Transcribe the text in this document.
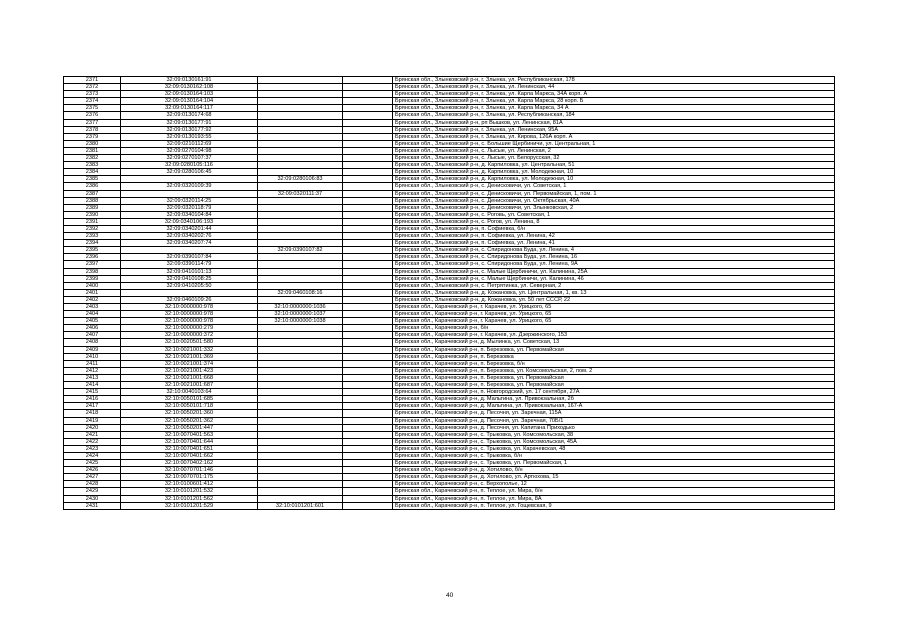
2371	32:09:0130161:91			Брянская обл., Злынковский р-н, г. Злынка, ул. Республиканская, 178
2372	32:09:0130162:108			Брянская обл., Злынковский р-н, г. Злынка, ул. Ленинская, 44
2373	32:09:0130164:103			Брянская обл., Злынковский р-н, г. Злынка, ул. Карла Маркса, 34А корп. А
2374	32:09:0130164:104			Брянская обл., Злынковский р-н, г. Злынка, ул. Карла Маркса, 28 корп. Б
2375	32:09:0130164:117			Брянская обл., Злынковский р-н, г. Злынка, ул. Карла Маркса, 34 А
2376	32:09:0130174:68			Брянская обл., Злынковский р-н, г. Злынка, ул. Республиканская, 184
2377	32:09:0130177:91			Брянская обл., Злынковский р-н, рп Вышков, ул. Ленинская, 81А
2378	32:09:0130177:92			Брянская обл., Злынковский р-н, г. Злынка, ул. Ленинская, 95А
2379	32:09:0130193:55			Брянская обл., Злынковский р-н, г. Злынка, ул. Кирова, 126А корп. А
2380	32:09:0210112:69			Брянская обл., Злынковский р-н, с. Большие Щербиничи, ул. Центральная, 1
2381	32:09:0270104:98			Брянская обл., Злынковский р-н, с. Лысые, ул. Ленинская, 2
2382	32:09:0270107:37			Брянская обл., Злынковский р-н, с. Лысые, ул. Белорусская, 32
2383	32:09:0280105:116			Брянская обл., Злынковский р-н, д. Карпиловка, ул. Центральная, 51
2384	32:09:0280106:45			Брянская обл., Злынковский р-н, д. Карпиловка, ул. Молодежная, 10
2385		32:09:0280106:83		Брянская обл., Злынковский р-н, д. Карпиловка, ул. Молодежная, 10
2386	32:09:0320109:39			Брянская обл., Злынковский р-н, с. Денисковичи, ул. Советская, 1
2387		32:09:0320111:37		Брянская обл., Злынковский р-н, с. Денисковичи, ул. Первомайская, 1, пом. 1
2388	32:09:0320114:25			Брянская обл., Злынковский р-н, с. Денисковичи, ул. Октябрьская, 40А
2389	32:09:0320118:79			Брянская обл., Злынковский р-н, с. Денисковичи, ул. Злынковская, 2
2390	32:09:0340104:84			Брянская обл., Злынковский р-н, с. Роговь, ул. Советская, 1
2391	32:09:0340106:193			Брянская обл., Злынковский р-н, с. Рогов, ул. Ленина, 8
2392	32:09:0340201:44			Брянская обл., Злынковский р-н, п. Софиевка, б/н
2393	32:09:0340202:76			Брянская обл., Злынковский р-н, п. Софиевка, ул. Ленина, 42
2394	32:09:0340207:74			Брянская обл., Злынковский р-н, п. Софиевка, ул. Ленина, 41
2395		32:09:0390107:82		Брянская обл., Злынковский р-н, с. Спиридонова Буда, ул. Ленина, 4
2396	32:09:0390107:84			Брянская обл., Злынковский р-н, с. Спиридонова Буда, ул. Ленина, 16
2397	32:09:0390114:79			Брянская обл., Злынковский р-н, с. Спиридонова Буда, ул. Ленина, 9А
2398	32:09:0410101:13			Брянская обл., Злынковский р-н, с. Малые Щербиничи, ул. Калинина, 25А
2399	32:09:0410108:25			Брянская обл., Злынковский р-н, с. Малые Щербиничи, ул. Калинина, 46
2400	32:09:0410205:50			Брянская обл., Злынковский р-н, с. Петрятинка, ул. Северная, 2
2401		32:09:0460108:16		Брянская обл., Злынковский р-н, д. Кожановка, ул. Центральная, 1, кв. 13
2402	32:09:0460109:26			Брянская обл., Злынковский р-н, д. Кожановка, ул. 50 лет СССР, 22
2403	32:10:0000000:978	32:10:0000000:1036		Брянская обл., Карачевский р-н, г. Карачев, ул. Урицкого, 65
2404	32:10:0000000:978	32:10:0000000:1037		Брянская обл., Карачевский р-н, г. Карачев, ул. Урицкого, 65
2405	32:10:0000000:978	32:10:0000000:1038		Брянская обл., Карачевский р-н, г. Карачев, ул. Урицкого, 65
2406	32:10:0000000:279			Брянская обл., Карачевский р-н, б/н
2407	32:10:0000000:372			Брянская обл., Карачевский р-н, г. Карачев, ул. Дзержинского, 153
2408	32:10:0020501:580			Брянская обл., Карачевский р-н, д. Мылинка, ул. Советская, 13
2409	32:10:0021001:332			Брянская обл., Карачевский р-н, п. Березовка, ул. Первомайская
2410	32:10:0021001:369			Брянская обл., Карачевский р-н, п. Березовка
2411	32:10:0021001:374			Брянская обл., Карачевский р-н, п. Березовка, б/н
2412	32:10:0021001:423			Брянская обл., Карачевский р-н, п. Березовка, ул. Комсомольская, 2, пом. 2
2413	32:10:0021001:668			Брянская обл., Карачевский р-н, п. Березовка, ул. Первомайская
2414	32:10:0021001:687			Брянская обл., Карачевский р-н, п. Березовка, ул. Первомайская
2415	32:10:0040103:64			Брянская обл., Карачевский р-н, п. Новгородский, ул. 17 сентября, 27А
2416	32:10:0050101:685			Брянская обл., Карачевский р-н, д. Мальтина, ул. Привокзальная, 2б
2417	32:10:0050101:718			Брянская обл., Карачевский р-н, д. Мальтина, ул. Привокзальная, 167-А
2418	32:10:0050201:360			Брянская обл., Карачевский р-н, д. Песочня, ул. Заречная, 115А
2419	32:10:0050201:362			Брянская обл., Карачевский р-н, д. Песочня, ул. Заречная, 70Б/1
2420	32:10:0050201:447			Брянская обл., Карачевский р-н, д. Песочня, ул. Капитана Приходько
2421	32:10:0070401:563			Брянская обл., Карачевский р-н, с. Трыковка, ул. Комсомольская, 38
2422	32:10:0070401:644			Брянская обл., Карачевский р-н, с. Трыковка, ул. Комсомольская, 45А
2423	32:10:0070401:651			Брянская обл., Карачевский р-н, с. Трыковка, ул. Карачевская, 48
2424	32:10:0070401:662			Брянская обл., Карачевский р-н, с. Трыковка, б/н
2425	32:10:0070402:162			Брянская обл., Карачевский р-н, с. Трыковка, ул. Первомайская, 1
2426	32:10:0070701:146			Брянская обл., Карачевский р-н, д. Хотилово, б/н
2427	32:10:0070701:175			Брянская обл., Карачевский р-н, д. Хотилово, ул. Артюхова, 15
2428	32:10:0100601:412			Брянская обл., Карачевский р-н, с. Верхопольe, 12
2429	32:10:0101201:532			Брянская обл., Карачевский р-н, п. Теплое, ул. Мира, б/н
2430	32:10:0101201:562			Брянская обл., Карачевский р-н, п. Теплое, ул. Мира, 8А
2431	32:10:0101201:529	32:10:0101201:601		Брянская обл., Карачевский р-н, п. Теплое, ул. Гощевская, 9
40
